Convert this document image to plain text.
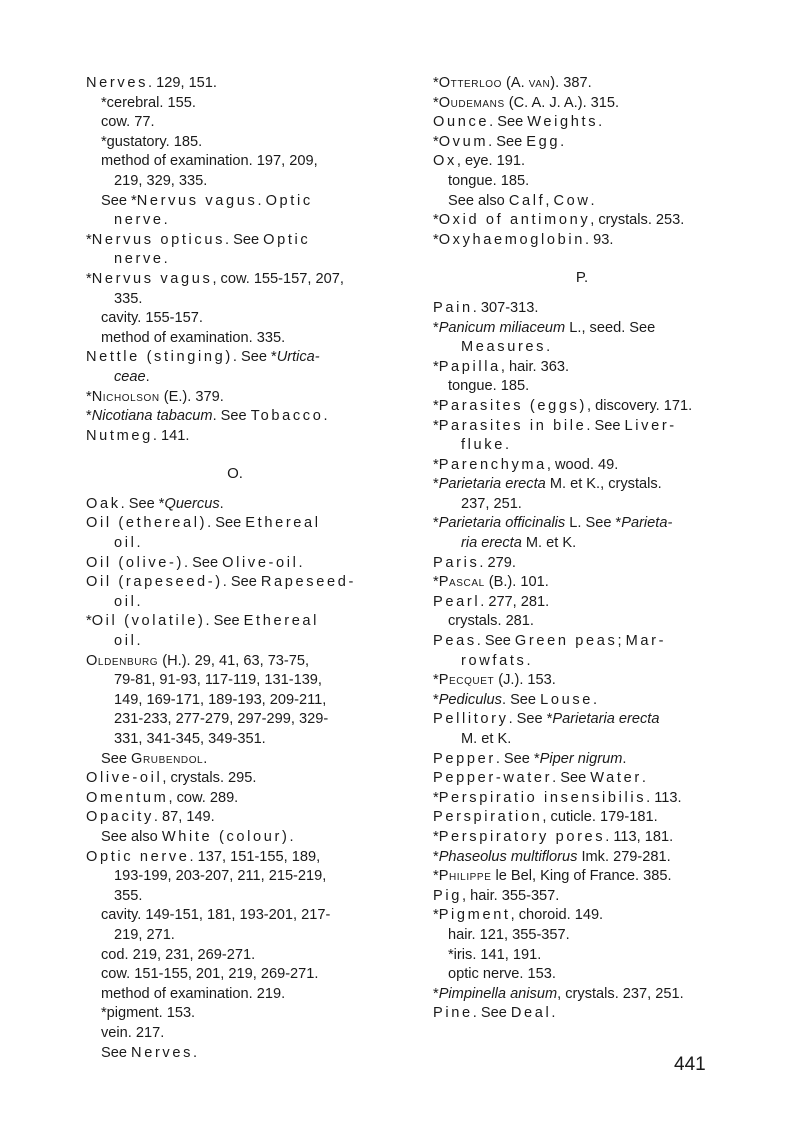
Nerves. 129, 151.
*cerebral. 155.
cow. 77.
*gustatory. 185.
method of examination. 197, 209,
219, 329, 335.
See *Nervus vagus. Optic
nerve.
*Nervus opticus. See Optic
nerve.
*Nervus vagus, cow. 155-157, 207,
335.
cavity. 155-157.
method of examination. 335.
Nettle (stinging). See *Urtica-
ceae.
*Nicholson (E.). 379.
*Nicotiana tabacum. See Tobacco.
Nutmeg. 141.
O.
Oak. See *Quercus.
Oil (ethereal). See Ethereal
oil.
Oil (olive-). See Olive-oil.
Oil (rapeseed-). See Rapeseed-
oil.
*Oil (volatile). See Ethereal
oil.
Oldenburg (H.). 29, 41, 63, 73-75,
79-81, 91-93, 117-119, 131-139,
149, 169-171, 189-193, 209-211,
231-233, 277-279, 297-299, 329-
331, 341-345, 349-351.
See Grubendol.
Olive-oil, crystals. 295.
Omentum, cow. 289.
Opacity. 87, 149.
See also White (colour).
Optic nerve. 137, 151-155, 189,
193-199, 203-207, 211, 215-219,
355.
cavity. 149-151, 181, 193-201, 217-
219, 271.
cod. 219, 231, 269-271.
cow. 151-155, 201, 219, 269-271.
method of examination. 219.
*pigment. 153.
vein. 217.
See Nerves.
*Otterloo (A. van). 387.
*Oudemans (C. A. J. A.). 315.
Ounce. See Weights.
*Ovum. See Egg.
Ox, eye. 191.
tongue. 185.
See also Calf, Cow.
*Oxid of antimony, crystals. 253.
*Oxyhaemoglobin. 93.
P.
Pain. 307-313.
*Panicum miliaceum L., seed. See
Measures.
*Papilla, hair. 363.
tongue. 185.
*Parasites (eggs), discovery. 171.
*Parasites in bile. See Liver-
fluke.
*Parenchyma, wood. 49.
*Parietaria erecta M. et K., crystals.
237, 251.
*Parietaria officinalis L. See *Parieta-
ria erecta M. et K.
Paris. 279.
*Pascal (B.). 101.
Pearl. 277, 281.
crystals. 281.
Peas. See Green peas; Mar-
rowfats.
*Pecquet (J.). 153.
*Pediculus. See Louse.
Pellitory. See *Parietaria erecta
M. et K.
Pepper. See *Piper nigrum.
Pepper-water. See Water.
*Perspiratio insensibilis. 113.
Perspiration, cuticle. 179-181.
*Perspiratory pores. 113, 181.
*Phaseolus multiflorus Imk. 279-281.
*Philippe le Bel, King of France. 385.
Pig, hair. 355-357.
*Pigment, choroid. 149.
hair. 121, 355-357.
*iris. 141, 191.
optic nerve. 153.
*Pimpinella anisum, crystals. 237, 251.
Pine. See Deal.
441
